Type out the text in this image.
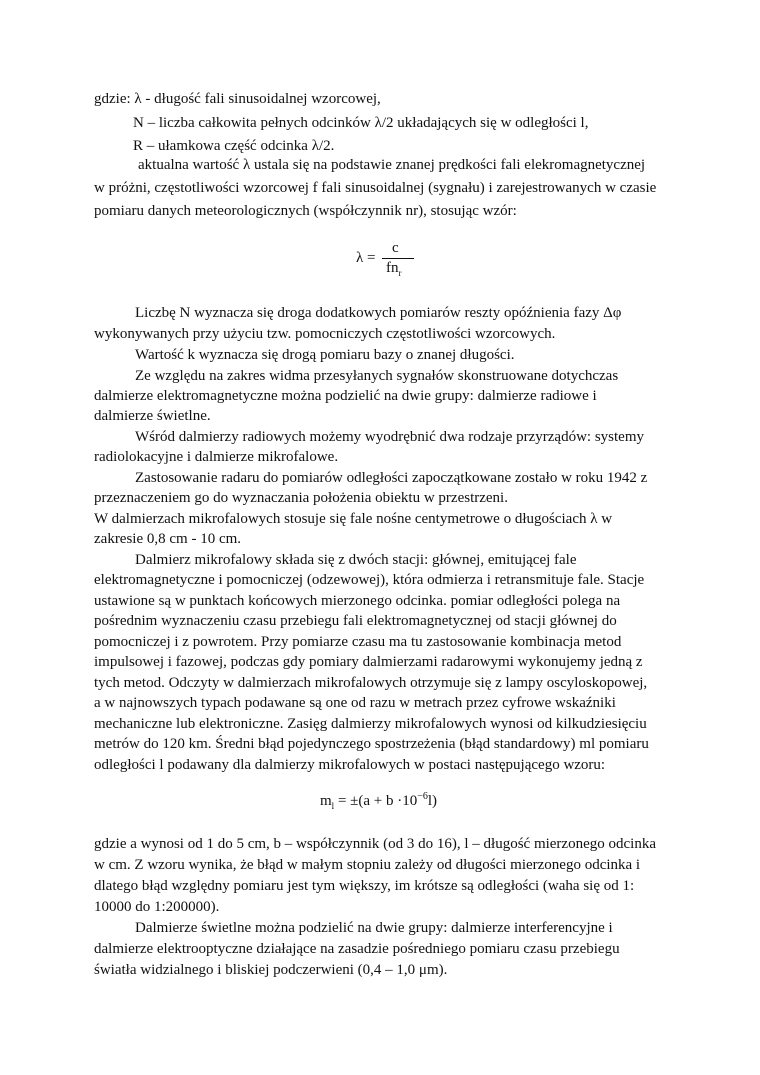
gdzie: λ - długość fali sinusoidalnej wzorcowej,
N – liczba całkowita pełnych odcinków λ/2 układających się w odległości l,
R – ułamkowa część odcinka λ/2.
aktualna wartość λ ustala się na podstawie znanej prędkości fali elekromagnetycznej
w próżni, częstotliwości wzorcowej f fali sinusoidalnej (sygnału) i zarejestrowanych w czasie
pomiaru danych meteorologicznych (współczynnik nr), stosując wzór:
λ =
c
$fn_r$
Liczbę N wyznacza się droga dodatkowych pomiarów reszty opóźnienia fazy Δφ
wykonywanych przy użyciu tzw. pomocniczych częstotliwości wzorcowych.
Wartość k wyznacza się drogą pomiaru bazy o znanej długości.
Ze względu na zakres widma przesyłanych sygnałów skonstruowane dotychczas
dalmierze elektromagnetyczne można podzielić na dwie grupy: dalmierze radiowe i
dalmierze świetlne.
Wśród dalmierzy radiowych możemy wyodrębnić dwa rodzaje przyrządów: systemy
radiolokacyjne i dalmierze mikrofalowe.
Zastosowanie radaru do pomiarów odległości zapoczątkowane zostało w roku 1942 z
przeznaczeniem go do wyznaczania położenia obiektu w przestrzeni.
W dalmierzach mikrofalowych stosuje się fale nośne centymetrowe o długościach λ w
zakresie 0,8 cm - 10 cm.
Dalmierz mikrofalowy składa się z dwóch stacji: głównej, emitującej fale
elektromagnetyczne i pomocniczej (odzewowej), która odmierza i retransmituje fale. Stacje
ustawione są w punktach końcowych mierzonego odcinka. pomiar odległości polega na
pośrednim wyznaczeniu czasu przebiegu fali elektromagnetycznej od stacji głównej do
pomocniczej i z powrotem. Przy pomiarze czasu ma tu zastosowanie kombinacja metod
impulsowej i fazowej, podczas gdy pomiary dalmierzami radarowymi wykonujemy jedną z
tych metod. Odczyty w dalmierzach mikrofalowych otrzymuje się z lampy oscyloskopowej,
a w najnowszych typach podawane są one od razu w metrach przez cyfrowe wskaźniki
mechaniczne lub elektroniczne. Zasięg dalmierzy mikrofalowych wynosi od kilkudziesięciu
metrów do 120 km. Średni błąd pojedynczego spostrzeżenia (błąd standardowy) ml pomiaru
odległości l podawany dla dalmierzy mikrofalowych w postaci następującego wzoru:
$m_l = \pm(a + b \cdot 10^{-6}l)$
gdzie a wynosi od 1 do 5 cm, b – współczynnik (od 3 do 16), l – długość mierzonego odcinka
w cm. Z wzoru wynika, że błąd w małym stopniu zależy od długości mierzonego odcinka i
dlatego błąd względny pomiaru jest tym większy, im krótsze są odległości (waha się od 1:
10000 do 1:200000).
Dalmierze świetlne można podzielić na dwie grupy: dalmierze interferencyjne i
dalmierze elektrooptyczne działające na zasadzie pośredniego pomiaru czasu przebiegu
światła widzialnego i bliskiej podczerwieni (0,4 – 1,0 μm).
